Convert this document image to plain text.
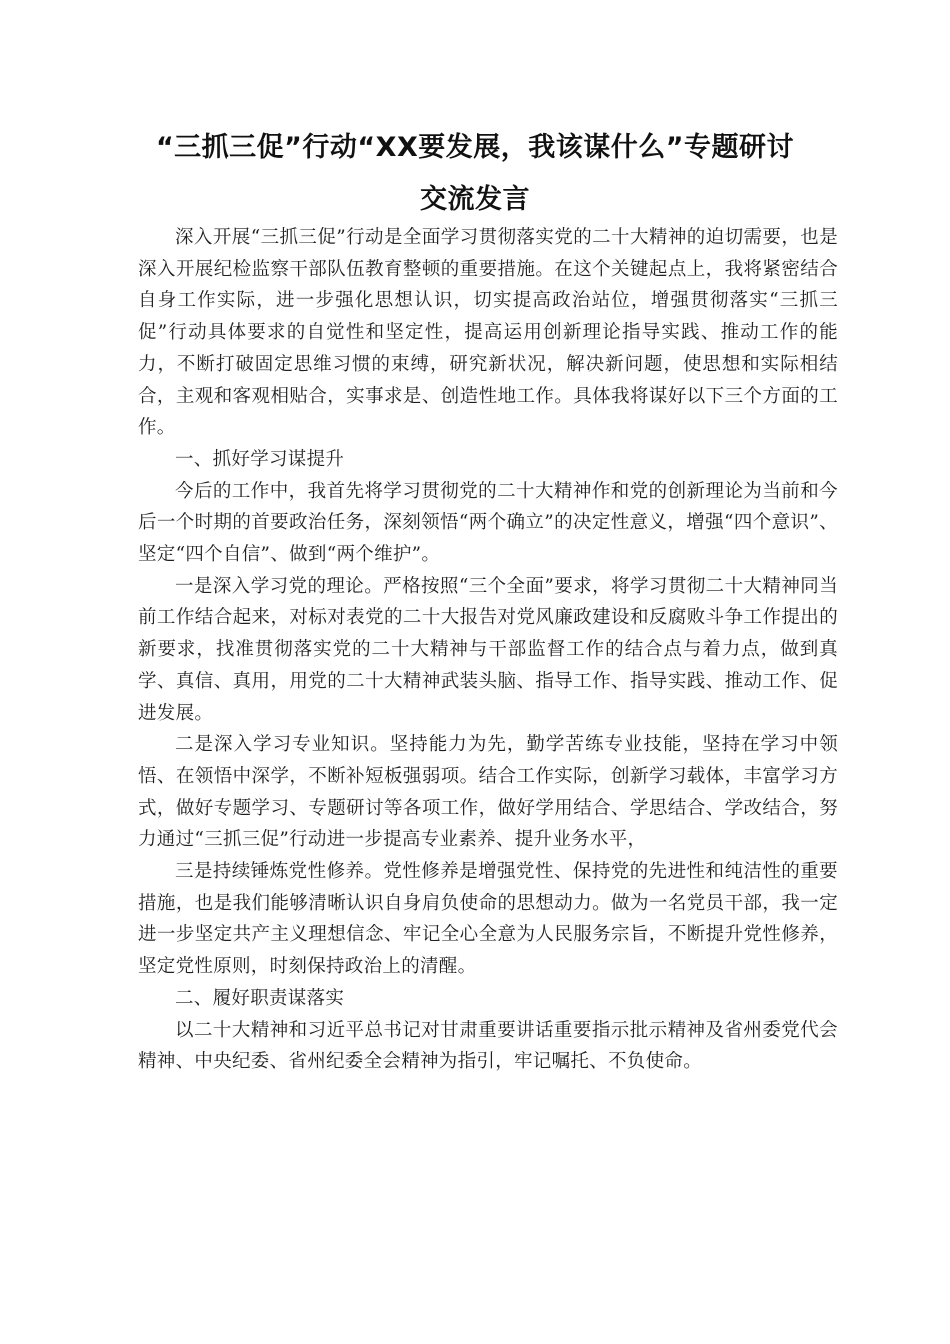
“三抓三促”行动“XX要发展，我该谋什么”专题研讨
交流发言

深入开展“三抓三促”行动是全面学习贯彻落实党的二十大精神的迫切需要，也是深入开展纪检监察干部队伍教育整顿的重要措施。在这个关键起点上，我将紧密结合自身工作实际，进一步强化思想认识，切实提高政治站位，增强贯彻落实“三抓三促”行动具体要求的自觉性和坚定性，提高运用创新理论指导实践、推动工作的能力，不断打破固定思维习惯的束缚，研究新状况，解决新问题，使思想和实际相结合，主观和客观相贴合，实事求是、创造性地工作。具体我将谋好以下三个方面的工作。

一、抓好学习谋提升

今后的工作中，我首先将学习贯彻党的二十大精神作和党的创新理论为当前和今后一个时期的首要政治任务，深刻领悟“两个确立”的决定性意义，增强“四个意识”、坚定“四个自信”、做到“两个维护”。

一是深入学习党的理论。严格按照“三个全面”要求，将学习贯彻二十大精神同当前工作结合起来，对标对表党的二十大报告对党风廉政建设和反腐败斗争工作提出的新要求，找准贯彻落实党的二十大精神与干部监督工作的结合点与着力点，做到真学、真信、真用，用党的二十大精神武装头脑、指导工作、指导实践、推动工作、促进发展。

二是深入学习专业知识。坚持能力为先，勤学苦练专业技能，坚持在学习中领悟、在领悟中深学，不断补短板强弱项。结合工作实际，创新学习载体，丰富学习方式，做好专题学习、专题研讨等各项工作，做好学用结合、学思结合、学改结合，努力通过“三抓三促”行动进一步提高专业素养、提升业务水平，

三是持续锤炼党性修养。党性修养是增强党性、保持党的先进性和纯洁性的重要措施，也是我们能够清晰认识自身肩负使命的思想动力。做为一名党员干部，我一定进一步坚定共产主义理想信念、牢记全心全意为人民服务宗旨，不断提升党性修养，坚定党性原则，时刻保持政治上的清醒。

二、履好职责谋落实

以二十大精神和习近平总书记对甘肃重要讲话重要指示批示精神及省州委党代会精神、中央纪委、省州纪委全会精神为指引，牢记嘱托、不负使命。
